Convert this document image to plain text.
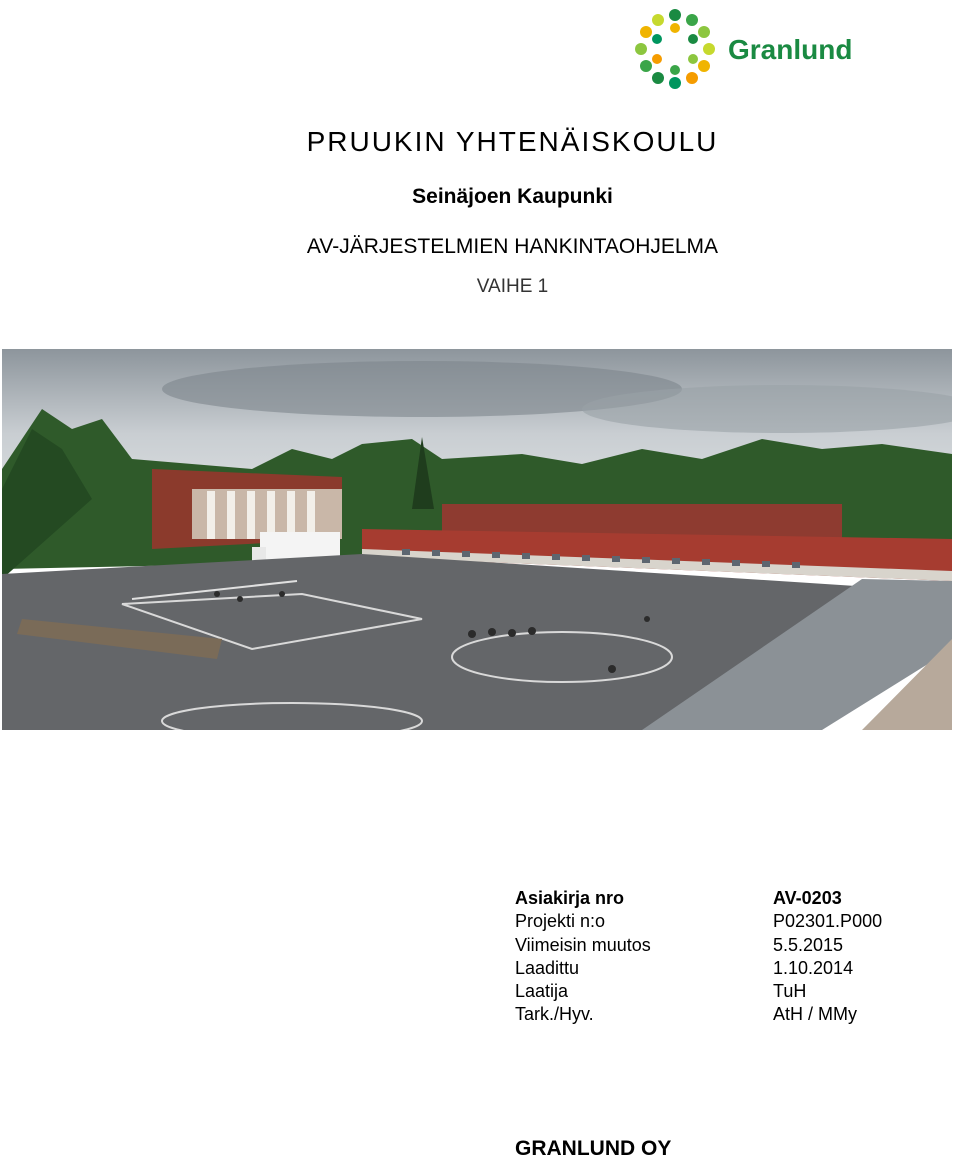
Granlund
PRUUKIN YHTENÄISKOULU
Seinäjoen Kaupunki
AV-JÄRJESTELMIEN HANKINTAOHJELMA
VAIHE 1
Asiakirja nro	AV-0203
Projekti n:o	P02301.P000
Viimeisin muutos	5.5.2015
Laadittu	1.10.2014
Laatija	TuH
Tark./Hyv.	AtH / MMy
GRANLUND OY
